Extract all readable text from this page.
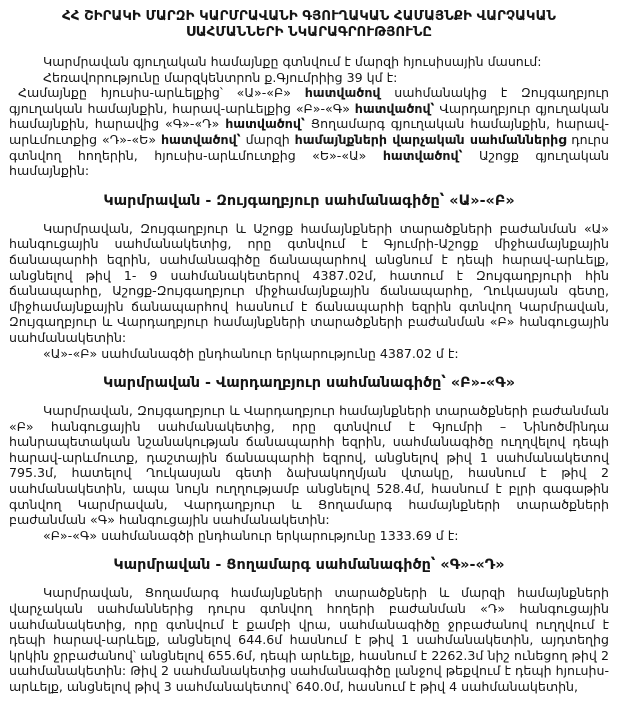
ՀՀ ՇԻՐԱԿԻ ՄԱՐԶԻ ԿԱՐՄՐԱՎԱՆԻ ԳՅՈՒՂԱԿԱՆ ՀԱՄԱՅՆՔԻ ՎԱՐՉԱԿԱՆ
ՍԱՀՄԱՆՆԵՐԻ ՆԿԱՐԱԳՐՈՒԹՅՈՒՆԸ

Կարմրավան գյուղական համայնքը գտնվում է մարզի հյուսիսային մասում:

Հեռավորությունը մարզկենտրոն ք.Գյումրիից 39 կմ է:

Համայնքը հյուսիս-արևելքից՝ «Ա»-«Բ» հատվածով սահմանակից է Զույգաղբյուր գյուղական համայնքին, հարավ-արևելքից «Բ»-«Գ» հատվածով՝ Վարդաղբյուր գյուղական համայնքին, հարավից «Գ»-«Դ» հատվածով՝ Ցողամարգ գյուղական համայնքին, հարավ-արևմուտքից «Դ»-«Ե» հատվածով՝ մարզի համայնքների վարչական սահմաններից դուրս գտնվող հողերին, հյուսիս-արևմուտքից «Ե»-«Ա» հատվածով՝ Աշոցք գյուղական համայնքին:

Կարմրավան - Զույգաղբյուր սահմանագիծը՝ «Ա»-«Բ»

Կարմրավան, Զույգաղբյուր և Աշոցք համայնքների տարածքների բաժանման «Ա» հանգուցային սահմանակետից, որը գտնվում է Գյումրի-Աշոցք միջհամայնքային ճանապարհի եզրին, սահմանագիծը ճանապարհով անցնում է դեպի հարավ-արևելք, անցնելով թիվ 1- 9 սահմանակետերով 4387.02մ, հատում է Զույգաղբյուրի հին ճանապարհը, Աշոցք-Զույգաղբյուր միջհամայնքային ճանապարհը, Ղուկասյան գետը, միջհամայնքային ճանապարհով հասնում է ճանապարհի եզրին գտնվող Կարմրավան, Զույգաղբյուր և Վարդաղբյուր համայնքների տարածքների բաժանման «Բ» հանգուցային սահմանակետին:

«Ա»-«Բ» սահմանագծի ընդհանուր երկարությունը 4387.02 մ է:

Կարմրավան - Վարդաղբյուր սահմանագիծը՝ «Բ»-«Գ»

Կարմրավան, Զույգաղբյուր և Վարդաղբյուր համայնքների տարածքների բաժանման «Բ» հանգուցային սահմանակետից, որը գտնվում է Գյումրի – Նինոծմինդա հանրապետական նշանակության ճանապարհի եզրին, սահմանագիծը ուղղվելով դեպի հարավ-արևմուտք, դաշտային ճանապարհի եզրով, անցնելով թիվ 1 սահմանակետով 795.3մ, հատելով Ղուկասյան գետի ձախակողմյան վտակը, հասնում է թիվ 2 սահմանակետին, ապա նույն ուղղությամբ անցնելով 528.4մ, հասնում է բլրի գագաթին գտնվող Կարմրավան, Վարդաղբյուր և Ցողամարգ համայնքների տարածքների բաժանման «Գ» հանգուցային սահմանակետին:

«Բ»-«Գ» սահմանագծի ընդհանուր երկարությունը 1333.69 մ է:

Կարմրավան - Ցողամարգ սահմանագիծը՝ «Գ»-«Դ»

Կարմրավան, Ցողամարգ համայնքների տարածքների և մարզի համայնքների վարչական սահմաններից դուրս գտնվող հողերի բաժանման «Դ» հանգուցային սահմանակետից, որը գտնվում է քամբի վրա, սահմանագիծը ջրբաժանով ուղղվում է դեպի հարավ-արևելք, անցնելով 644.6մ հասնում է թիվ 1 սահմանակետին, այդտեղից կրկին ջրբաժանով՝ անցնելով 655.6մ, դեպի արևելք, հասնում է 2262.3մ նիշ ունեցող թիվ 2 սահմանակետին: Թիվ 2 սահմանակետից սահմանագիծը լանջով թեքվում է դեպի հյուսիս-արևելք, անցնելով թիվ 3 սահմանակետով՝ 640.0մ, հասնում է թիվ 4 սահմանակետին,
